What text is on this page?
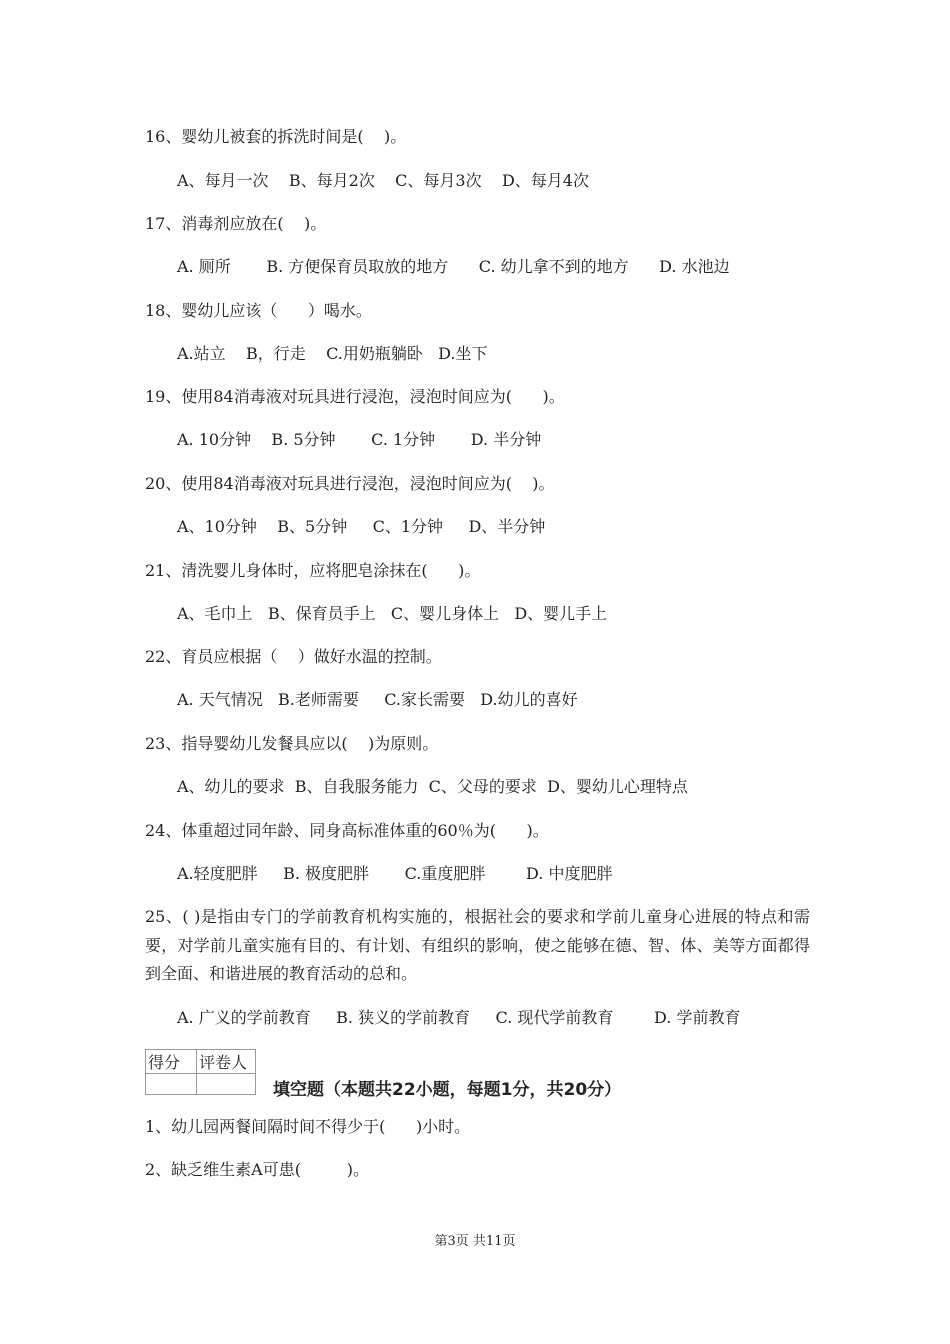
16、婴幼儿被套的拆洗时间是(    )。
A、每月一次    B、每月2次    C、每月3次    D、每月4次
17、消毒剂应放在(    )。
A. 厕所       B. 方便保育员取放的地方      C. 幼儿拿不到的地方      D. 水池边
18、婴幼儿应该（      ）喝水。
A.站立    B，行走    C.用奶瓶躺卧   D.坐下
19、使用84消毒液对玩具进行浸泡，浸泡时间应为(      )。
A. 10分钟    B. 5分钟       C. 1分钟       D. 半分钟
20、使用84消毒液对玩具进行浸泡，浸泡时间应为(    )。
A、10分钟    B、5分钟     C、1分钟     D、半分钟
21、清洗婴儿身体时，应将肥皂涂抹在(      )。
A、毛巾上   B、保育员手上   C、婴儿身体上   D、婴儿手上
22、育员应根据（    ）做好水温的控制。
A. 天气情况   B.老师需要     C.家长需要   D.幼儿的喜好
23、指导婴幼儿发餐具应以(    )为原则。
A、幼儿的要求  B、自我服务能力  C、父母的要求  D、婴幼儿心理特点
24、体重超过同年龄、同身高标准体重的60％为(      )。
A.轻度肥胖     B. 极度肥胖       C.重度肥胖        D. 中度肥胖
25、( )是指由专门的学前教育机构实施的，根据社会的要求和学前儿童身心进展的特点和需要，对学前儿童实施有目的、有计划、有组织的影响，使之能够在德、智、体、美等方面都得到全面、和谐进展的教育活动的总和。
A. 广义的学前教育     B. 狭义的学前教育     C. 现代学前教育        D. 学前教育
得分	评卷人

填空题（本题共22小题，每题1分，共20分）
1、幼儿园两餐间隔时间不得少于(      )小时。
2、缺乏维生素A可患(         )。
第3页 共11页
